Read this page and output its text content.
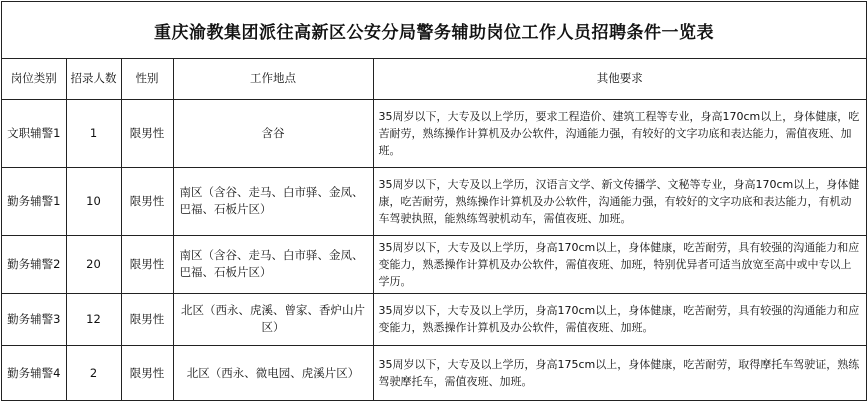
重庆渝教集团派往高新区公安分局警务辅助岗位工作人员招聘条件一览表
岗位类别	招录人数	性别	工作地点	其他要求
文职辅警1	1	限男性	含谷	35周岁以下，大专及以上学历，要求工程造价、建筑工程等专业，身高170cm以上，身体健康，吃苦耐劳，熟练操作计算机及办公软件，沟通能力强，有较好的文字功底和表达能力，需值夜班、加班。
勤务辅警1	10	限男性	南区（含谷、走马、白市驿、金凤、巴福、石板片区）	35周岁以下，大专及以上学历，汉语言文学、新文传播学、文秘等专业，身高170cm以上，身体健康，吃苦耐劳，熟练操作计算机及办公软件，沟通能力强，有较好的文字功底和表达能力，有机动车驾驶执照，能熟练驾驶机动车，需值夜班、加班。
勤务辅警2	20	限男性	南区（含谷、走马、白市驿、金凤、巴福、石板片区）	35周岁以下，大专及以上学历，身高170cm以上，身体健康，吃苦耐劳，具有较强的沟通能力和应变能力，熟悉操作计算机及办公软件，需值夜班、加班，特别优异者可适当放宽至高中或中专以上学历。
勤务辅警3	12	限男性	北区（西永、虎溪、曾家、香炉山片区）	35周岁以下，大专及以上学历，身高170cm以上，身体健康，吃苦耐劳，具有较强的沟通能力和应变能力，熟悉操作计算机及办公软件，需值夜班、加班。
勤务辅警4	2	限男性	北区（西永、微电园、虎溪片区）	35周岁以下，大专及以上学历，身高175cm以上，身体健康，吃苦耐劳，取得摩托车驾驶证，熟练驾驶摩托车，需值夜班、加班。
